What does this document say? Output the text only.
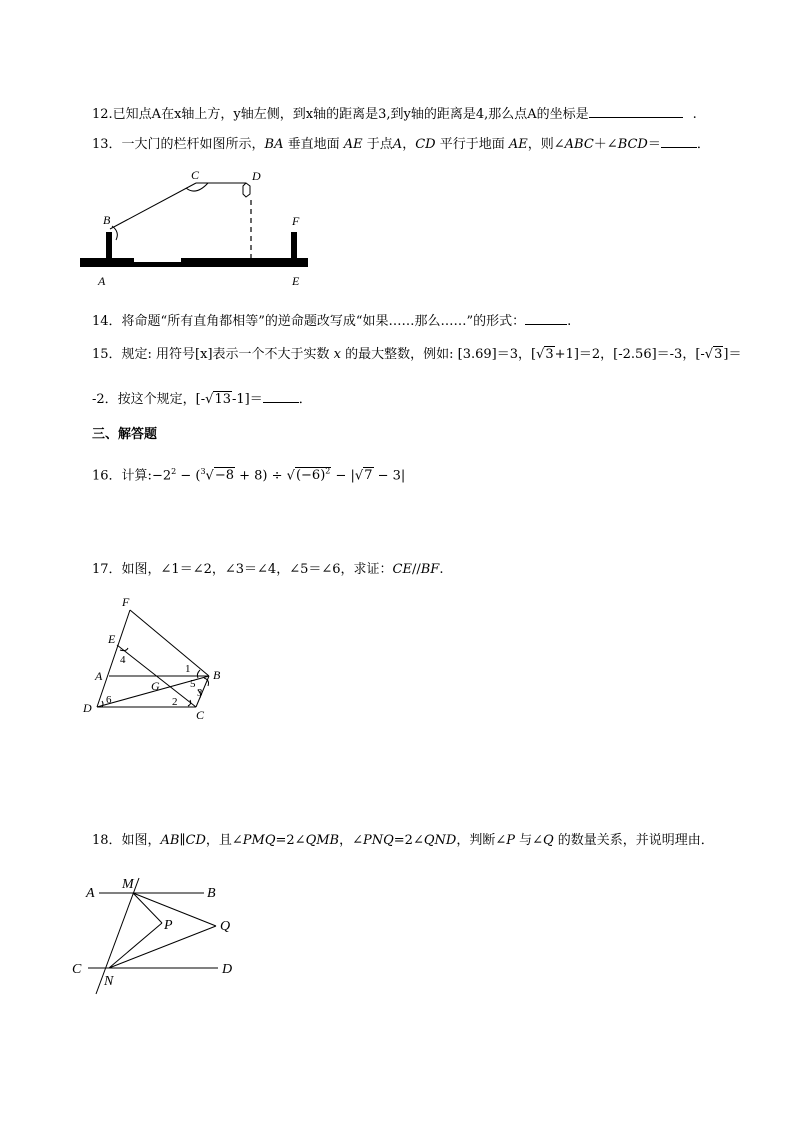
12.已知点A在x轴上方，y轴左侧，到x轴的距离是3,到y轴的距离是4,那么点A的坐标是	.
13．一大门的栏杆如图所示，BA 垂直地面 AE 于点A，CD 平行于地面 AE，则∠ABC＋∠BCD＝	．
C	D
B	F
A	E
14．将命题“所有直角都相等”的逆命题改写成“如果……那么……”的形式：	.
15．规定: 用符号[x]表示一个不大于实数 x 的最大整数，例如: [3.69]＝3，[√3+1]＝2，[-2.56]＝-3，[-√3]＝
-2．按这个规定，[-√13-1]＝	．
三、解答题
16．计算$:-2^2 - (^3√-8 + 8) \div √(-6)^2 - |√7 - 3|$
17．如图，∠1＝∠2，∠3＝∠4，∠5＝∠6，求证：CE//BF.
F
E
A
G
B
D	C
1
2
3
4
5
6
18．如图，AB∥CD，且∠PMQ=2∠QMB，∠PNQ=2∠QND，判断∠P 与∠Q 的数量关系，并说明理由．
A
M
B
P	Q
C
N
D
